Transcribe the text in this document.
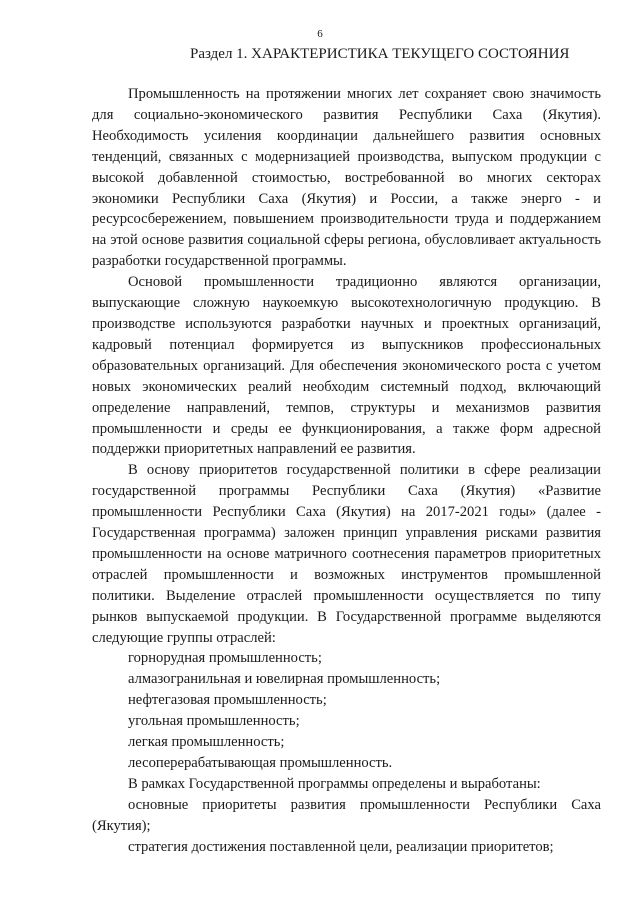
6
Раздел 1. ХАРАКТЕРИСТИКА ТЕКУЩЕГО СОСТОЯНИЯ

Промышленность на протяжении многих лет сохраняет свою значимость для социально-экономического развития Республики Саха (Якутия). Необходимость усиления координации дальнейшего развития основных тенденций, связанных с модернизацией производства, выпуском продукции с высокой добавленной стоимостью, востребованной во многих секторах экономики Республики Саха (Якутия) и России, а также энерго - и ресурсосбережением, повышением производительности труда и поддержанием на этой основе развития социальной сферы региона, обусловливает актуальность разработки государственной программы.

Основой промышленности традиционно являются организации, выпускающие сложную наукоемкую высокотехнологичную продукцию. В производстве используются разработки научных и проектных организаций, кадровый потенциал формируется из выпускников профессиональных образовательных организаций. Для обеспечения экономического роста с учетом новых экономических реалий необходим системный подход, включающий определение направлений, темпов, структуры и механизмов развития промышленности и среды ее функционирования, а также форм адресной поддержки приоритетных направлений ее развития.

В основу приоритетов государственной политики в сфере реализации государственной программы Республики Саха (Якутия) «Развитие промышленности Республики Саха (Якутия) на 2017-2021 годы» (далее - Государственная программа) заложен принцип управления рисками развития промышленности на основе матричного соотнесения параметров приоритетных отраслей промышленности и возможных инструментов промышленной политики. Выделение отраслей промышленности осуществляется по типу рынков выпускаемой продукции. В Государственной программе выделяются следующие группы отраслей:

горнорудная промышленность;
алмазогранильная и ювелирная промышленность;
нефтегазовая промышленность;
угольная промышленность;
легкая промышленность;
лесоперерабатывающая промышленность.

В рамках Государственной программы определены и выработаны:

основные приоритеты развития промышленности Республики Саха (Якутия);
стратегия достижения поставленной цели, реализации приоритетов;
